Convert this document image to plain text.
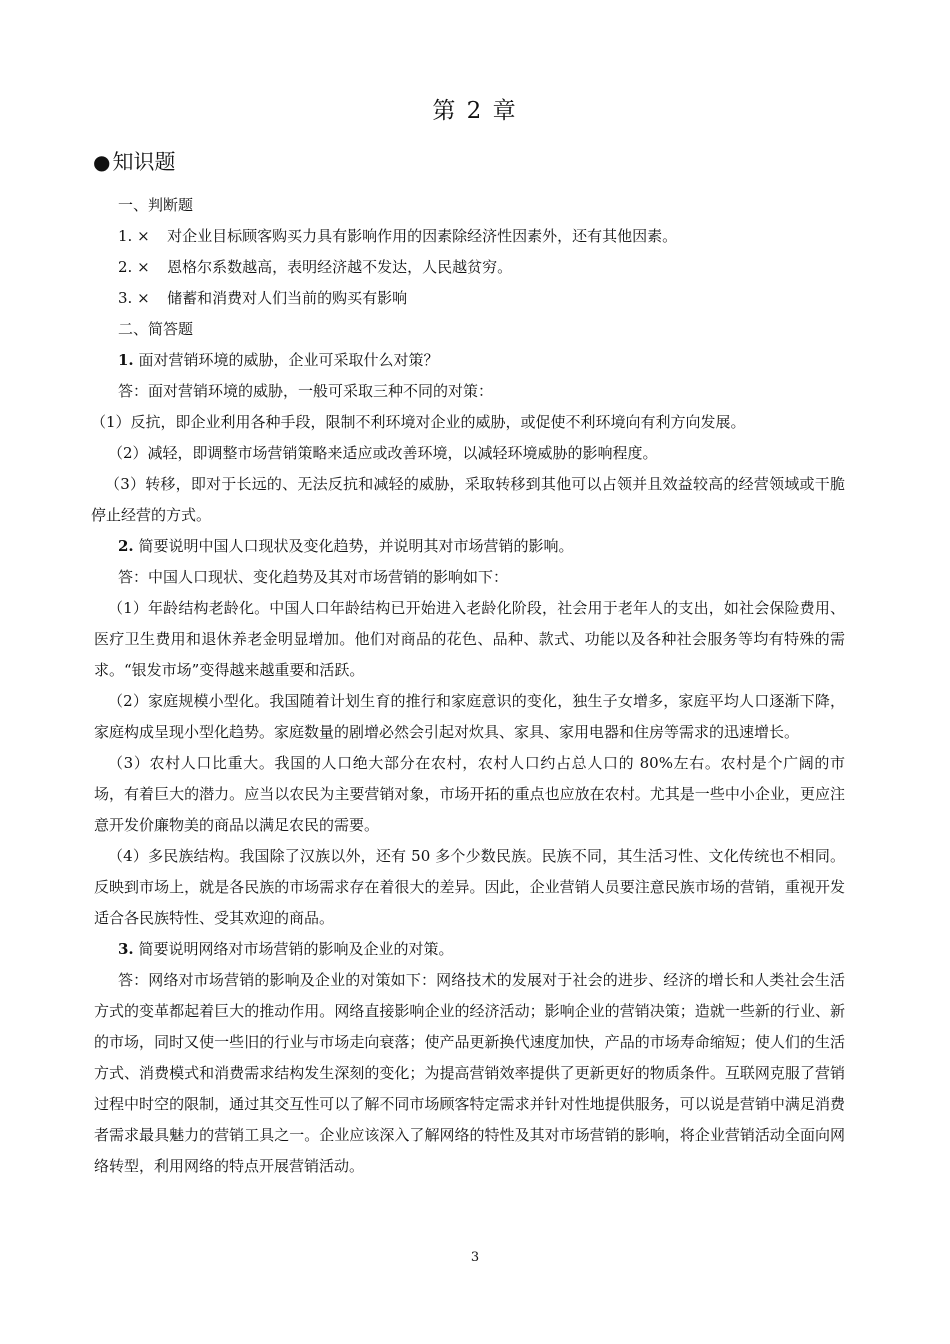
第 2 章
●知识题

一、判断题

1. × 对企业目标顾客购买力具有影响作用的因素除经济性因素外，还有其他因素。

2. × 恩格尔系数越高，表明经济越不发达，人民越贫穷。

3. × 储蓄和消费对人们当前的购买有影响

二、简答题

1. 面对营销环境的威胁，企业可采取什么对策？

答：面对营销环境的威胁，一般可采取三种不同的对策：

（1）反抗，即企业利用各种手段，限制不利环境对企业的威胁，或促使不利环境向有利方向发展。

（2）减轻，即调整市场营销策略来适应或改善环境，以减轻环境威胁的影响程度。

（3）转移，即对于长远的、无法反抗和减轻的威胁，采取转移到其他可以占领并且效益较高的经营领域或干脆停止经营的方式。

2. 简要说明中国人口现状及变化趋势，并说明其对市场营销的影响。

答：中国人口现状、变化趋势及其对市场营销的影响如下：

（1）年龄结构老龄化。中国人口年龄结构已开始进入老龄化阶段，社会用于老年人的支出，如社会保险费用、医疗卫生费用和退休养老金明显增加。他们对商品的花色、品种、款式、功能以及各种社会服务等均有特殊的需求。“银发市场”变得越来越重要和活跃。

（2）家庭规模小型化。我国随着计划生育的推行和家庭意识的变化，独生子女增多，家庭平均人口逐渐下降，家庭构成呈现小型化趋势。家庭数量的剧增必然会引起对炊具、家具、家用电器和住房等需求的迅速增长。

（3）农村人口比重大。我国的人口绝大部分在农村，农村人口约占总人口的 80%左右。农村是个广阔的市场，有着巨大的潜力。应当以农民为主要营销对象，市场开拓的重点也应放在农村。尤其是一些中小企业，更应注意开发价廉物美的商品以满足农民的需要。

（4）多民族结构。我国除了汉族以外，还有 50 多个少数民族。民族不同，其生活习性、文化传统也不相同。反映到市场上，就是各民族的市场需求存在着很大的差异。因此，企业营销人员要注意民族市场的营销，重视开发适合各民族特性、受其欢迎的商品。

3. 简要说明网络对市场营销的影响及企业的对策。

答：网络对市场营销的影响及企业的对策如下：网络技术的发展对于社会的进步、经济的增长和人类社会生活方式的变革都起着巨大的推动作用。网络直接影响企业的经济活动；影响企业的营销决策；造就一些新的行业、新的市场，同时又使一些旧的行业与市场走向衰落；使产品更新换代速度加快，产品的市场寿命缩短；使人们的生活方式、消费模式和消费需求结构发生深刻的变化；为提高营销效率提供了更新更好的物质条件。互联网克服了营销过程中时空的限制，通过其交互性可以了解不同市场顾客特定需求并针对性地提供服务，可以说是营销中满足消费者需求最具魅力的营销工具之一。企业应该深入了解网络的特性及其对市场营销的影响，将企业营销活动全面向网络转型，利用网络的特点开展营销活动。

3
